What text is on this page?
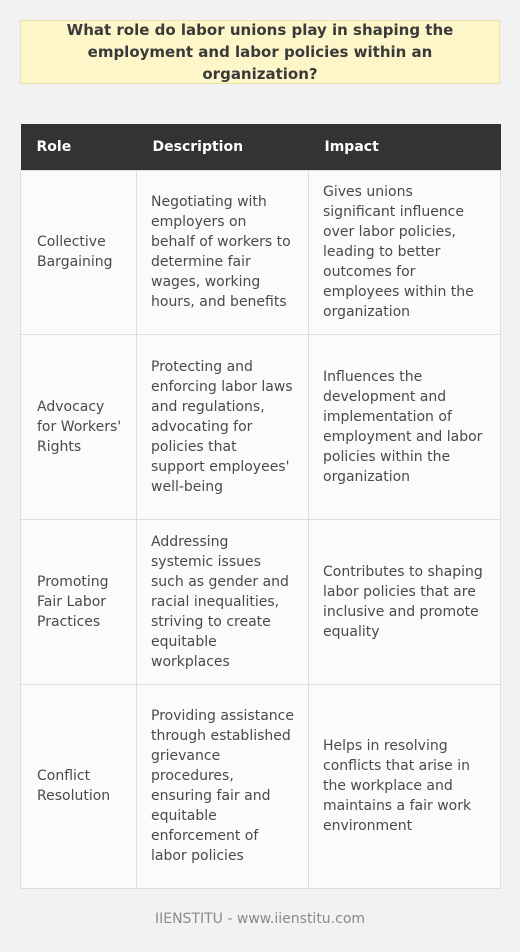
What role do labor unions play in shaping the employment and labor policies within an organization?
Role	Description	Impact
Collective Bargaining	Negotiating with employers on behalf of workers to determine fair wages, working hours, and benefits	Gives unions significant influence over labor policies, leading to better outcomes for employees within the organization
Advocacy for Workers' Rights	Protecting and enforcing labor laws and regulations, advocating for policies that support employees' well-being	Influences the development and implementation of employment and labor policies within the organization
Promoting Fair Labor Practices	Addressing systemic issues such as gender and racial inequalities, striving to create equitable workplaces	Contributes to shaping labor policies that are inclusive and promote equality
Conflict Resolution	Providing assistance through established grievance procedures, ensuring fair and equitable enforcement of labor policies	Helps in resolving conflicts that arise in the workplace and maintains a fair work environment
IIENSTITU - www.iienstitu.com
